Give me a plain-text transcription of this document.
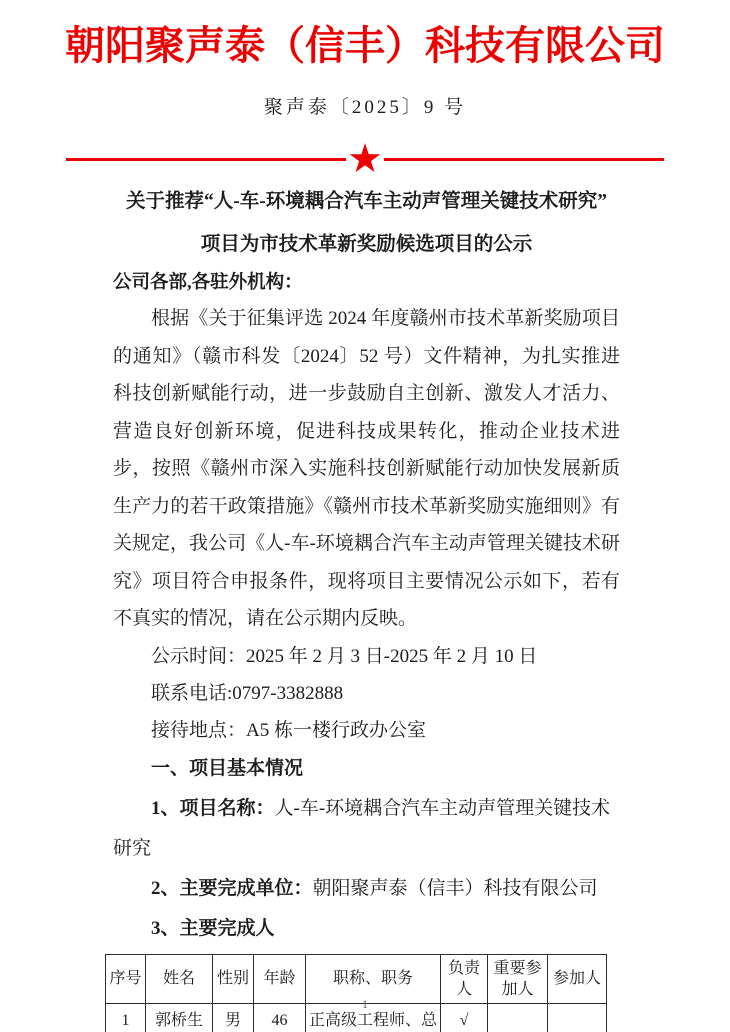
朝阳聚声泰（信丰）科技有限公司
聚声泰〔2025〕9 号
★
关于推荐“人-车-环境耦合汽车主动声管理关键技术研究”
项目为市技术革新奖励候选项目的公示
公司各部,各驻外机构：

根据《关于征集评选 2024 年度赣州市技术革新奖励项目的通知》（赣市科发〔2024〕52 号）文件精神，为扎实推进科技创新赋能行动，进一步鼓励自主创新、激发人才活力、营造良好创新环境，促进科技成果转化，推动企业技术进步，按照《赣州市深入实施科技创新赋能行动加快发展新质生产力的若干政策措施》《赣州市技术革新奖励实施细则》有关规定，我公司《人-车-环境耦合汽车主动声管理关键技术研究》项目符合申报条件，现将项目主要情况公示如下，若有不真实的情况，请在公示期内反映。

公示时间：2025 年 2 月 3 日-2025 年 2 月 10 日
联系电话:0797-3382888
接待地点：A5 栋一楼行政办公室
一、项目基本情况
1、项目名称：人-车-环境耦合汽车主动声管理关键技术研究
2、主要完成单位：朝阳聚声泰（信丰）科技有限公司
3、主要完成人
序号	姓名	性别	年龄	职称、职务	负责人	重要参加人	参加人
1	郭桥生	男	46	正高级工程师、总	√		
1
